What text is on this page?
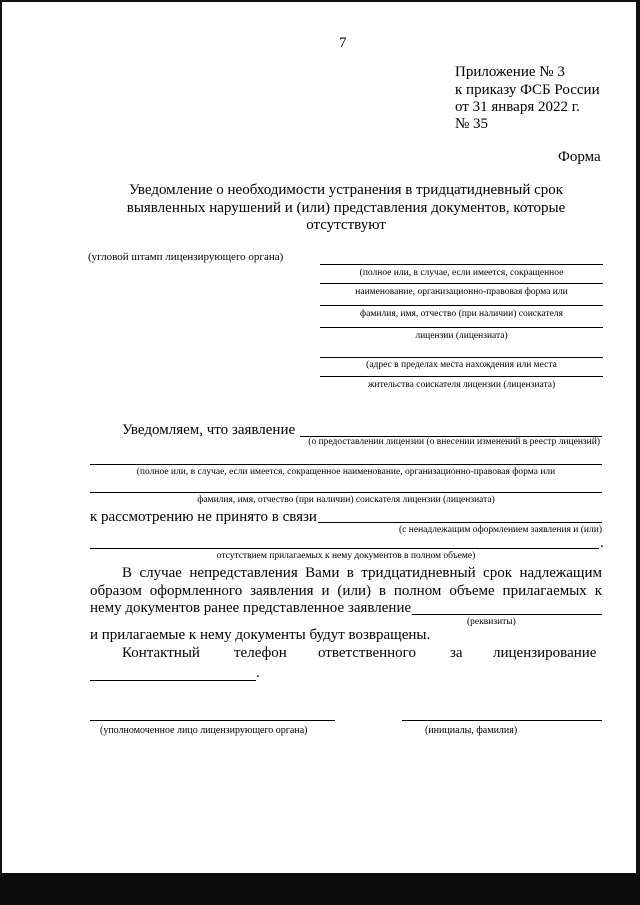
7
Приложение № 3
к приказу ФСБ России
от 31 января 2022 г.
№ 35
Форма
Уведомление о необходимости устранения в тридцатидневный срок
выявленных нарушений и (или) представления документов, которые
отсутствуют
(угловой штамп лицензирующего органа)
(полное или, в случае, если имеется, сокращенное
наименование, организационно-правовая форма или
фамилия, имя, отчество (при наличии) соискателя
лицензии (лицензиата)
(адрес в пределах места нахождения или места
жительства соискателя лицензии (лицензиата)
Уведомляем, что заявление
(о предоставлении лицензии (о внесении изменений в реестр лицензий)
(полное или, в случае, если имеется, сокращенное наименование, организационно-правовая форма или
фамилия, имя, отчество (при наличии) соискателя лицензии (лицензиата)
к рассмотрению не принято в связи
(с ненадлежащим оформлением заявления и (или)
.
отсутствием прилагаемых к нему документов в полном объеме)
В случае непредставления Вами в тридцатидневный срок надлежащим
образом оформленного заявления и (или) в полном объеме прилагаемых к
нему документов ранее представленное заявление
(реквизиты)
и прилагаемые к нему документы будут возвращены.
Контактный телефон ответственного за лицензирование
.
(уполномоченное лицо лицензирующего органа)	(инициалы, фамилия)
